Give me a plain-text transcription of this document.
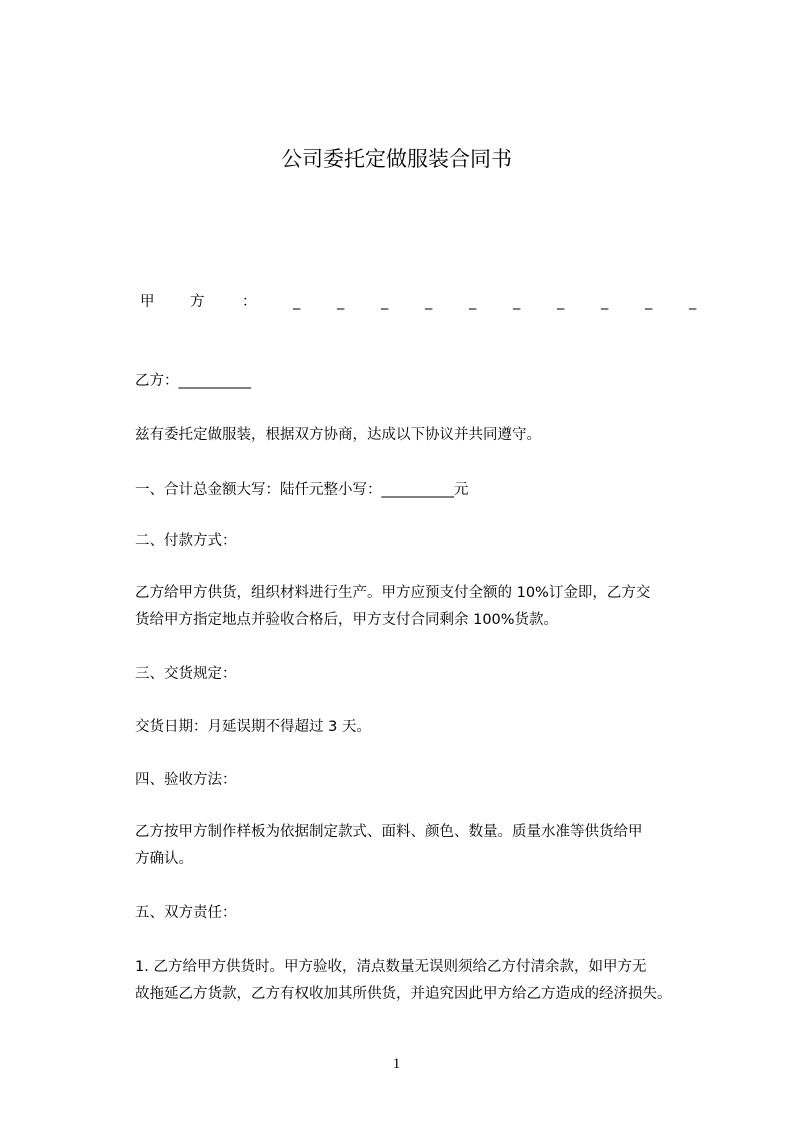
公司委托定做服装合同书
甲 方	：	_	_	_	_	_	_	_	_	_	_
乙方：__________
兹有委托定做服装，根据双方协商，达成以下协议并共同遵守。
一、合计总金额大写：陆仟元整小写：__________元
二、付款方式：
乙方给甲方供货，组织材料进行生产。甲方应预支付全额的 10%订金即，乙方交
货给甲方指定地点并验收合格后，甲方支付合同剩余 100%货款。
三、交货规定：
交货日期：月延误期不得超过 3 天。
四、验收方法：
乙方按甲方制作样板为依据制定款式、面料、颜色、数量。质量水准等供货给甲
方确认。
五、双方责任：
1. 乙方给甲方供货时。甲方验收，清点数量无误则须给乙方付清余款，如甲方无
故拖延乙方货款，乙方有权收加其所供货，并追究因此甲方给乙方造成的经济损失。
1
